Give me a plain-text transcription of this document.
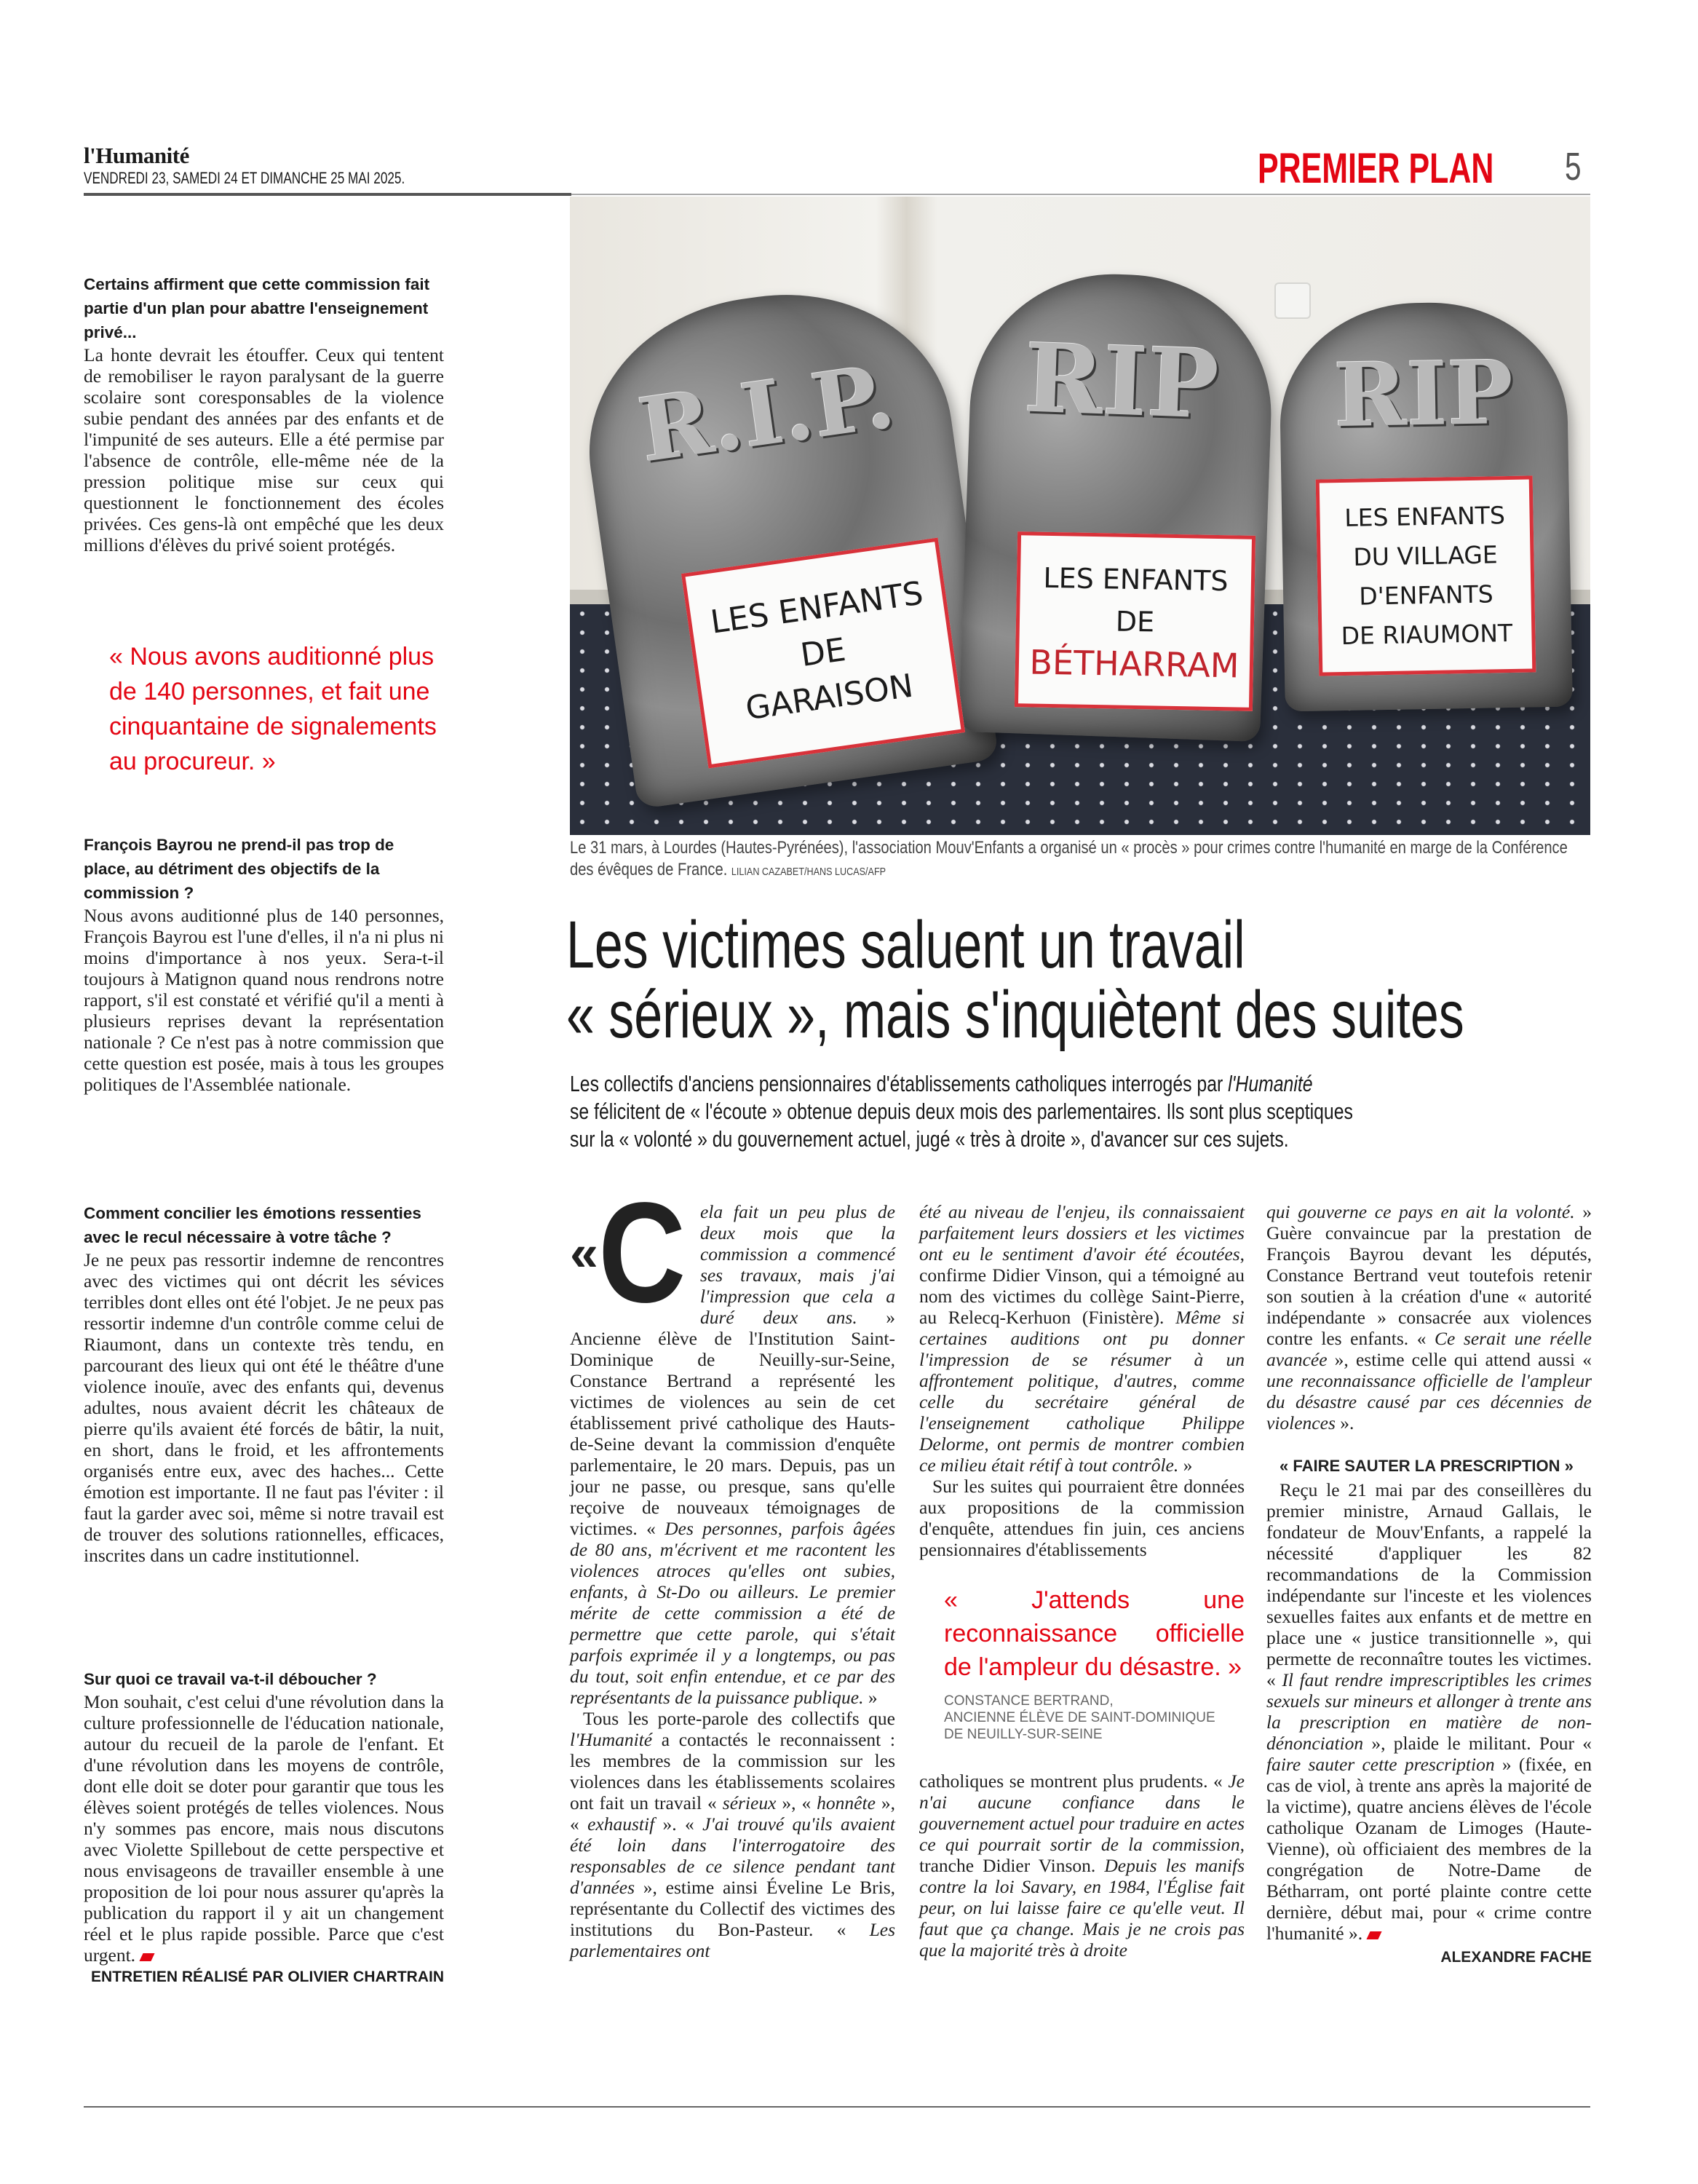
l'Humanité
VENDREDI 23, SAMEDI 24 ET DIMANCHE 25 MAI 2025.	PREMIER PLAN	5
Certains affirment que cette commission fait partie d'un plan pour abattre l'enseignement privé...
La honte devrait les étouffer. Ceux qui tentent de remobiliser le rayon paralysant de la guerre scolaire sont coresponsables de la violence subie pendant des années par des enfants et de l'impunité de ses auteurs. Elle a été permise par l'absence de contrôle, elle-même née de la pression politique mise sur ceux qui questionnent le fonctionnement des écoles privées. Ces gens-là ont empêché que les deux millions d'élèves du privé soient protégés.
« Nous avons auditionné plus de 140 personnes, et fait une cinquantaine de signalements au procureur. »
François Bayrou ne prend-il pas trop de place, au détriment des objectifs de la commission ?
Nous avons auditionné plus de 140 personnes, François Bayrou est l'une d'elles, il n'a ni plus ni moins d'importance à nos yeux. Sera-t-il toujours à Matignon quand nous rendrons notre rapport, s'il est constaté et vérifié qu'il a menti à plusieurs reprises devant la représentation nationale ? Ce n'est pas à notre commission que cette question est posée, mais à tous les groupes politiques de l'Assemblée nationale.
Comment concilier les émotions ressenties avec le recul nécessaire à votre tâche ?
Je ne peux pas ressortir indemne de rencontres avec des victimes qui ont décrit les sévices terribles dont elles ont été l'objet. Je ne peux pas ressortir indemne d'un contrôle comme celui de Riaumont, dans un contexte très tendu, en parcourant des lieux qui ont été le théâtre d'une violence inouïe, avec des enfants qui, devenus adultes, nous avaient décrit les châteaux de pierre qu'ils avaient été forcés de bâtir, la nuit, en short, dans le froid, et les affrontements organisés entre eux, avec des haches... Cette émotion est importante. Il ne faut pas l'éviter : il faut la garder avec soi, même si notre travail est de trouver des solutions rationnelles, efficaces, inscrites dans un cadre institutionnel.
Sur quoi ce travail va-t-il déboucher ?
Mon souhait, c'est celui d'une révolution dans la culture professionnelle de l'éducation nationale, autour du recueil de la parole de l'enfant. Et d'une révolution dans les moyens de contrôle, dont elle doit se doter pour garantir que tous les élèves soient protégés de telles violences. Nous n'y sommes pas encore, mais nous discutons avec Violette Spillebout de cette perspective et nous envisageons de travailler ensemble à une proposition de loi pour nous assurer qu'après la publication du rapport il y ait un changement réel et le plus rapide possible. Parce que c'est urgent.
ENTRETIEN RÉALISÉ PAR OLIVIER CHARTRAIN
R.I.P.	RIP	RIP
LES ENFANTS
DE
GARAISON
LES ENFANTS
DE
BÉTHARRAM
LES ENFANTS
DU VILLAGE
D'ENFANTS
DE RIAUMONT
Le 31 mars, à Lourdes (Hautes-Pyrénées), l'association Mouv'Enfants a organisé un « procès » pour crimes contre l'humanité en marge de la Conférence des évêques de France. LILIAN CAZABET/HANS LUCAS/AFP
Les victimes saluent un travail
« sérieux », mais s'inquiètent des suites
Les collectifs d'anciens pensionnaires d'établissements catholiques interrogés par l'Humanité
se félicitent de « l'écoute » obtenue depuis deux mois des parlementaires. Ils sont plus sceptiques
sur la « volonté » du gouvernement actuel, jugé « très à droite », d'avancer sur ces sujets.
« C ela fait un peu plus de deux mois que la commission a commencé ses travaux, mais j'ai l'impression que cela a duré deux ans. » Ancienne élève de l'Institution Saint-Dominique de Neuilly-sur-Seine, Constance Bertrand a représenté les victimes de violences au sein de cet établissement privé catholique des Hauts-de-Seine devant la commission d'enquête parlementaire, le 20 mars. Depuis, pas un jour ne passe, ou presque, sans qu'elle reçoive de nouveaux témoignages de victimes. « Des personnes, parfois âgées de 80 ans, m'écrivent et me racontent les violences atroces qu'elles ont subies, enfants, à St-Do ou ailleurs. Le premier mérite de cette commission a été de permettre que cette parole, qui s'était parfois exprimée il y a longtemps, ou pas du tout, soit enfin entendue, et ce par des représentants de la puissance publique. »

Tous les porte-parole des collectifs que l'Humanité a contactés le reconnaissent : les membres de la commission sur les violences dans les établissements scolaires ont fait un travail « sérieux », « honnête », « exhaustif ». « J'ai trouvé qu'ils avaient été loin dans l'interrogatoire des responsables de ce silence pendant tant d'années », estime ainsi Éveline Le Bris, représentante du Collectif des victimes des institutions du Bon-Pasteur. « Les parlementaires ont

été au niveau de l'enjeu, ils connaissaient parfaitement leurs dossiers et les victimes ont eu le sentiment d'avoir été écoutées, confirme Didier Vinson, qui a témoigné au nom des victimes du collège Saint-Pierre, au Relecq-Kerhuon (Finistère). Même si certaines auditions ont pu donner l'impression de se résumer à un affrontement politique, d'autres, comme celle du secrétaire général de l'enseignement catholique Philippe Delorme, ont permis de montrer combien ce milieu était rétif à tout contrôle. »

Sur les suites qui pourraient être données aux propositions de la commission d'enquête, attendues fin juin, ces anciens pensionnaires d'établissements

« J'attends une reconnaissance officielle de l'ampleur du désastre. »
CONSTANCE BERTRAND,
ANCIENNE ÉLÈVE DE SAINT-DOMINIQUE
DE NEUILLY-SUR-SEINE

catholiques se montrent plus prudents. « Je n'ai aucune confiance dans le gouvernement actuel pour traduire en actes ce qui pourrait sortir de la commission, tranche Didier Vinson. Depuis les manifs contre la loi Savary, en 1984, l'Église fait peur, on lui laisse faire ce qu'elle veut. Il faut que ça change. Mais je ne crois pas que la majorité très à droite

qui gouverne ce pays en ait la volonté. » Guère convaincue par la prestation de François Bayrou devant les députés, Constance Bertrand veut toutefois retenir son soutien à la création d'une « autorité indépendante » consacrée aux violences contre les enfants. « Ce serait une réelle avancée », estime celle qui attend aussi « une reconnaissance officielle de l'ampleur du désastre causé par ces décennies de violences ».

« FAIRE SAUTER LA PRESCRIPTION »

Reçu le 21 mai par des conseillères du premier ministre, Arnaud Gallais, le fondateur de Mouv'Enfants, a rappelé la nécessité d'appliquer les 82 recommandations de la Commission indépendante sur l'inceste et les violences sexuelles faites aux enfants et de mettre en place une « justice transitionnelle », qui permette de reconnaître toutes les victimes. « Il faut rendre imprescriptibles les crimes sexuels sur mineurs et allonger à trente ans la prescription en matière de non-dénonciation », plaide le militant. Pour « faire sauter cette prescription » (fixée, en cas de viol, à trente ans après la majorité de la victime), quatre anciens élèves de l'école catholique Ozanam de Limoges (Haute-Vienne), où officiaient des membres de la congrégation de Notre-Dame de Bétharram, ont porté plainte contre cette dernière, début mai, pour « crime contre l'humanité ».

ALEXANDRE FACHE
